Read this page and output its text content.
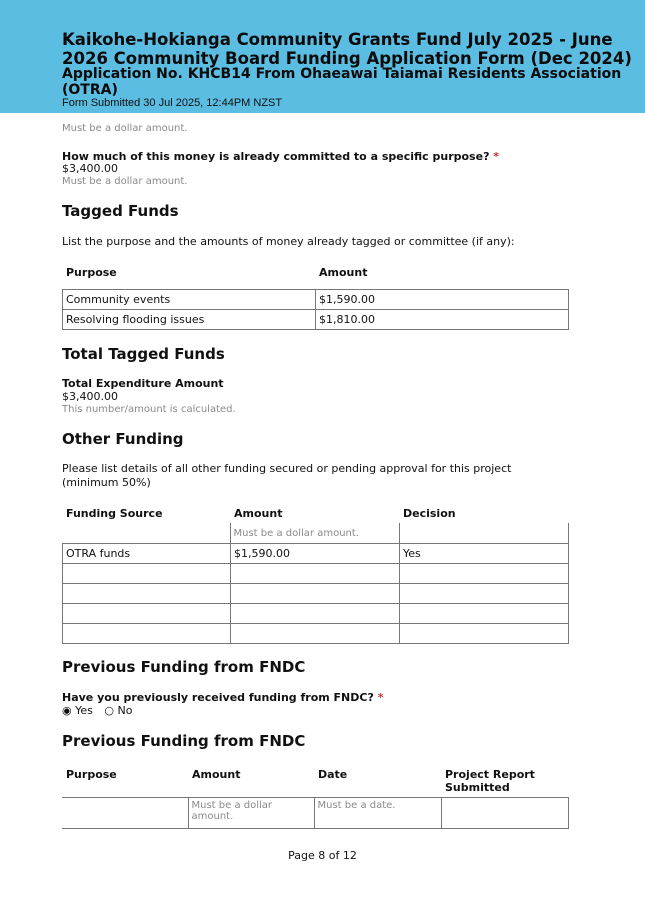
Kaikohe-Hokianga Community Grants Fund July 2025 - June 2026 Community Board Funding Application Form (Dec 2024)
Application No. KHCB14 From Ohaeawai Taiamai Residents Association (OTRA)
Form Submitted 30 Jul 2025, 12:44PM NZST
Must be a dollar amount.
How much of this money is already committed to a specific purpose? *
$3,400.00
Must be a dollar amount.
Tagged Funds
List the purpose and the amounts of money already tagged or committee (if any):
Purpose	Amount

Community events	$1,590.00
Resolving flooding issues	$1,810.00
Total Tagged Funds
Total Expenditure Amount
$3,400.00
This number/amount is calculated.
Other Funding
Please list details of all other funding secured or pending approval for this project (minimum 50%)
Funding Source	Amount	Decision
	Must be a dollar amount.	
OTRA funds	$1,590.00	Yes

Previous Funding from FNDC
Have you previously received funding from FNDC? *
◉ Yes ○ No
Previous Funding from FNDC
Purpose	Amount	Date	Project Report Submitted
	Must be a dollar amount.	Must be a date.	
Page 8 of 12
